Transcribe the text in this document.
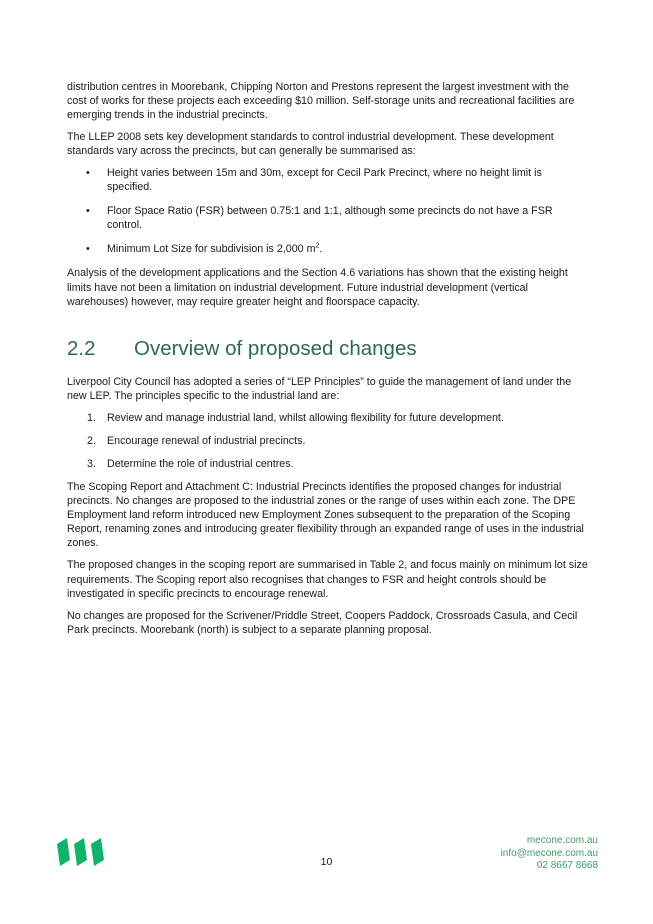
distribution centres in Moorebank, Chipping Norton and Prestons represent the largest investment with the cost of works for these projects each exceeding $10 million. Self-storage units and recreational facilities are emerging trends in the industrial precincts.

The LLEP 2008 sets key development standards to control industrial development. These development standards vary across the precincts, but can generally be summarised as:

• Height varies between 15m and 30m, except for Cecil Park Precinct, where no height limit is specified.
• Floor Space Ratio (FSR) between 0.75:1 and 1:1, although some precincts do not have a FSR control.
• Minimum Lot Size for subdivision is 2,000 $m^2$.

Analysis of the development applications and the Section 4.6 variations has shown that the existing height limits have not been a limitation on industrial development. Future industrial development (vertical warehouses) however, may require greater height and floorspace capacity.

2.2	Overview of proposed changes

Liverpool City Council has adopted a series of “LEP Principles” to guide the management of land under the new LEP. The principles specific to the industrial land are:

1. Review and manage industrial land, whilst allowing flexibility for future development.
2. Encourage renewal of industrial precincts.
3. Determine the role of industrial centres.

The Scoping Report and Attachment C: Industrial Precincts identifies the proposed changes for industrial precincts. No changes are proposed to the industrial zones or the range of uses within each zone. The DPE Employment land reform introduced new Employment Zones subsequent to the preparation of the Scoping Report, renaming zones and introducing greater flexibility through an expanded range of uses in the industrial zones.

The proposed changes in the scoping report are summarised in Table 2, and focus mainly on minimum lot size requirements. The Scoping report also recognises that changes to FSR and height controls should be investigated in specific precincts to encourage renewal.

No changes are proposed for the Scrivener/Priddle Street, Coopers Paddock, Crossroads Casula, and Cecil Park precincts. Moorebank (north) is subject to a separate planning proposal.

10
mecone.com.au
info@mecone.com.au
02 8667 8668
